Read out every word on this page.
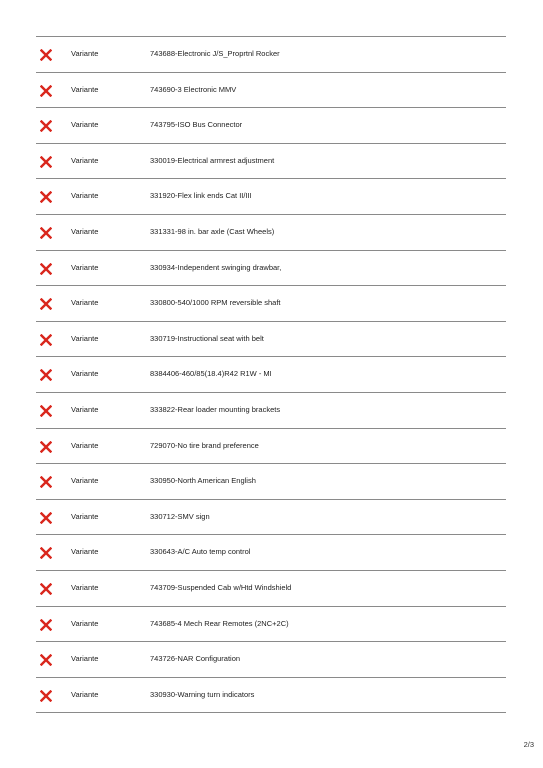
Variante	743688-Electronic J/S_Proprtnl Rocker
Variante	743690-3 Electronic MMV
Variante	743795-ISO Bus Connector
Variante	330019-Electrical armrest adjustment
Variante	331920-Flex link ends Cat II/III
Variante	331331-98 in. bar axle (Cast Wheels)
Variante	330934-Independent swinging drawbar,
Variante	330800-540/1000 RPM reversible shaft
Variante	330719-Instructional seat with belt
Variante	8384406-460/85(18.4)R42 R1W - MI
Variante	333822-Rear loader mounting brackets
Variante	729070-No tire brand preference
Variante	330950-North American English
Variante	330712-SMV sign
Variante	330643-A/C Auto temp control
Variante	743709-Suspended Cab w/Htd Windshield
Variante	743685-4 Mech Rear Remotes (2NC+2C)
Variante	743726-NAR Configuration
Variante	330930-Warning turn indicators
2/3
